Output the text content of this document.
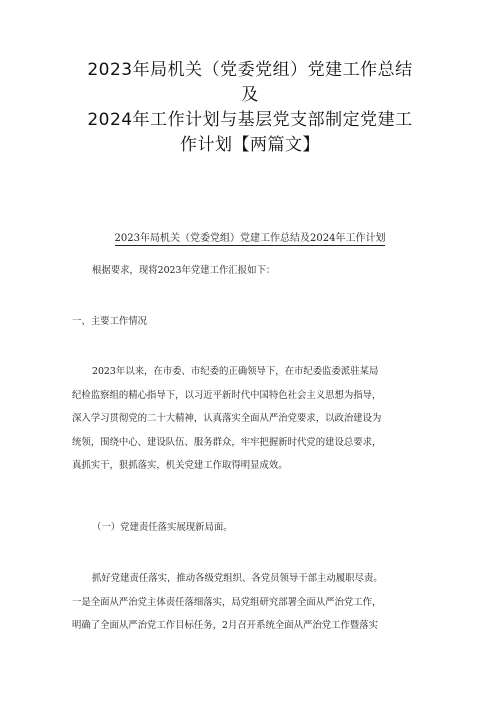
2023年局机关（党委党组）党建工作总结
及
2024年工作计划与基层党支部制定党建工
作计划【两篇文】
2023年局机关（党委党组）党建工作总结及2024年工作计划
根据要求，现将2023年党建工作汇报如下：
一、主要工作情况
2023年以来，在市委、市纪委的正确领导下，在市纪委监委派驻某局
纪检监察组的精心指导下，以习近平新时代中国特色社会主义思想为指导，
深入学习贯彻党的二十大精神，认真落实全面从严治党要求，以政治建设为
统领，围绕中心、建设队伍、服务群众，牢牢把握新时代党的建设总要求，
真抓实干，狠抓落实，机关党建工作取得明显成效。
（一）党建责任落实展现新局面。
抓好党建责任落实，推动各级党组织、各党员领导干部主动履职尽责。
一是全面从严治党主体责任落细落实，局党组研究部署全面从严治党工作，
明确了全面从严治党工作目标任务，2月召开系统全面从严治党工作暨落实
